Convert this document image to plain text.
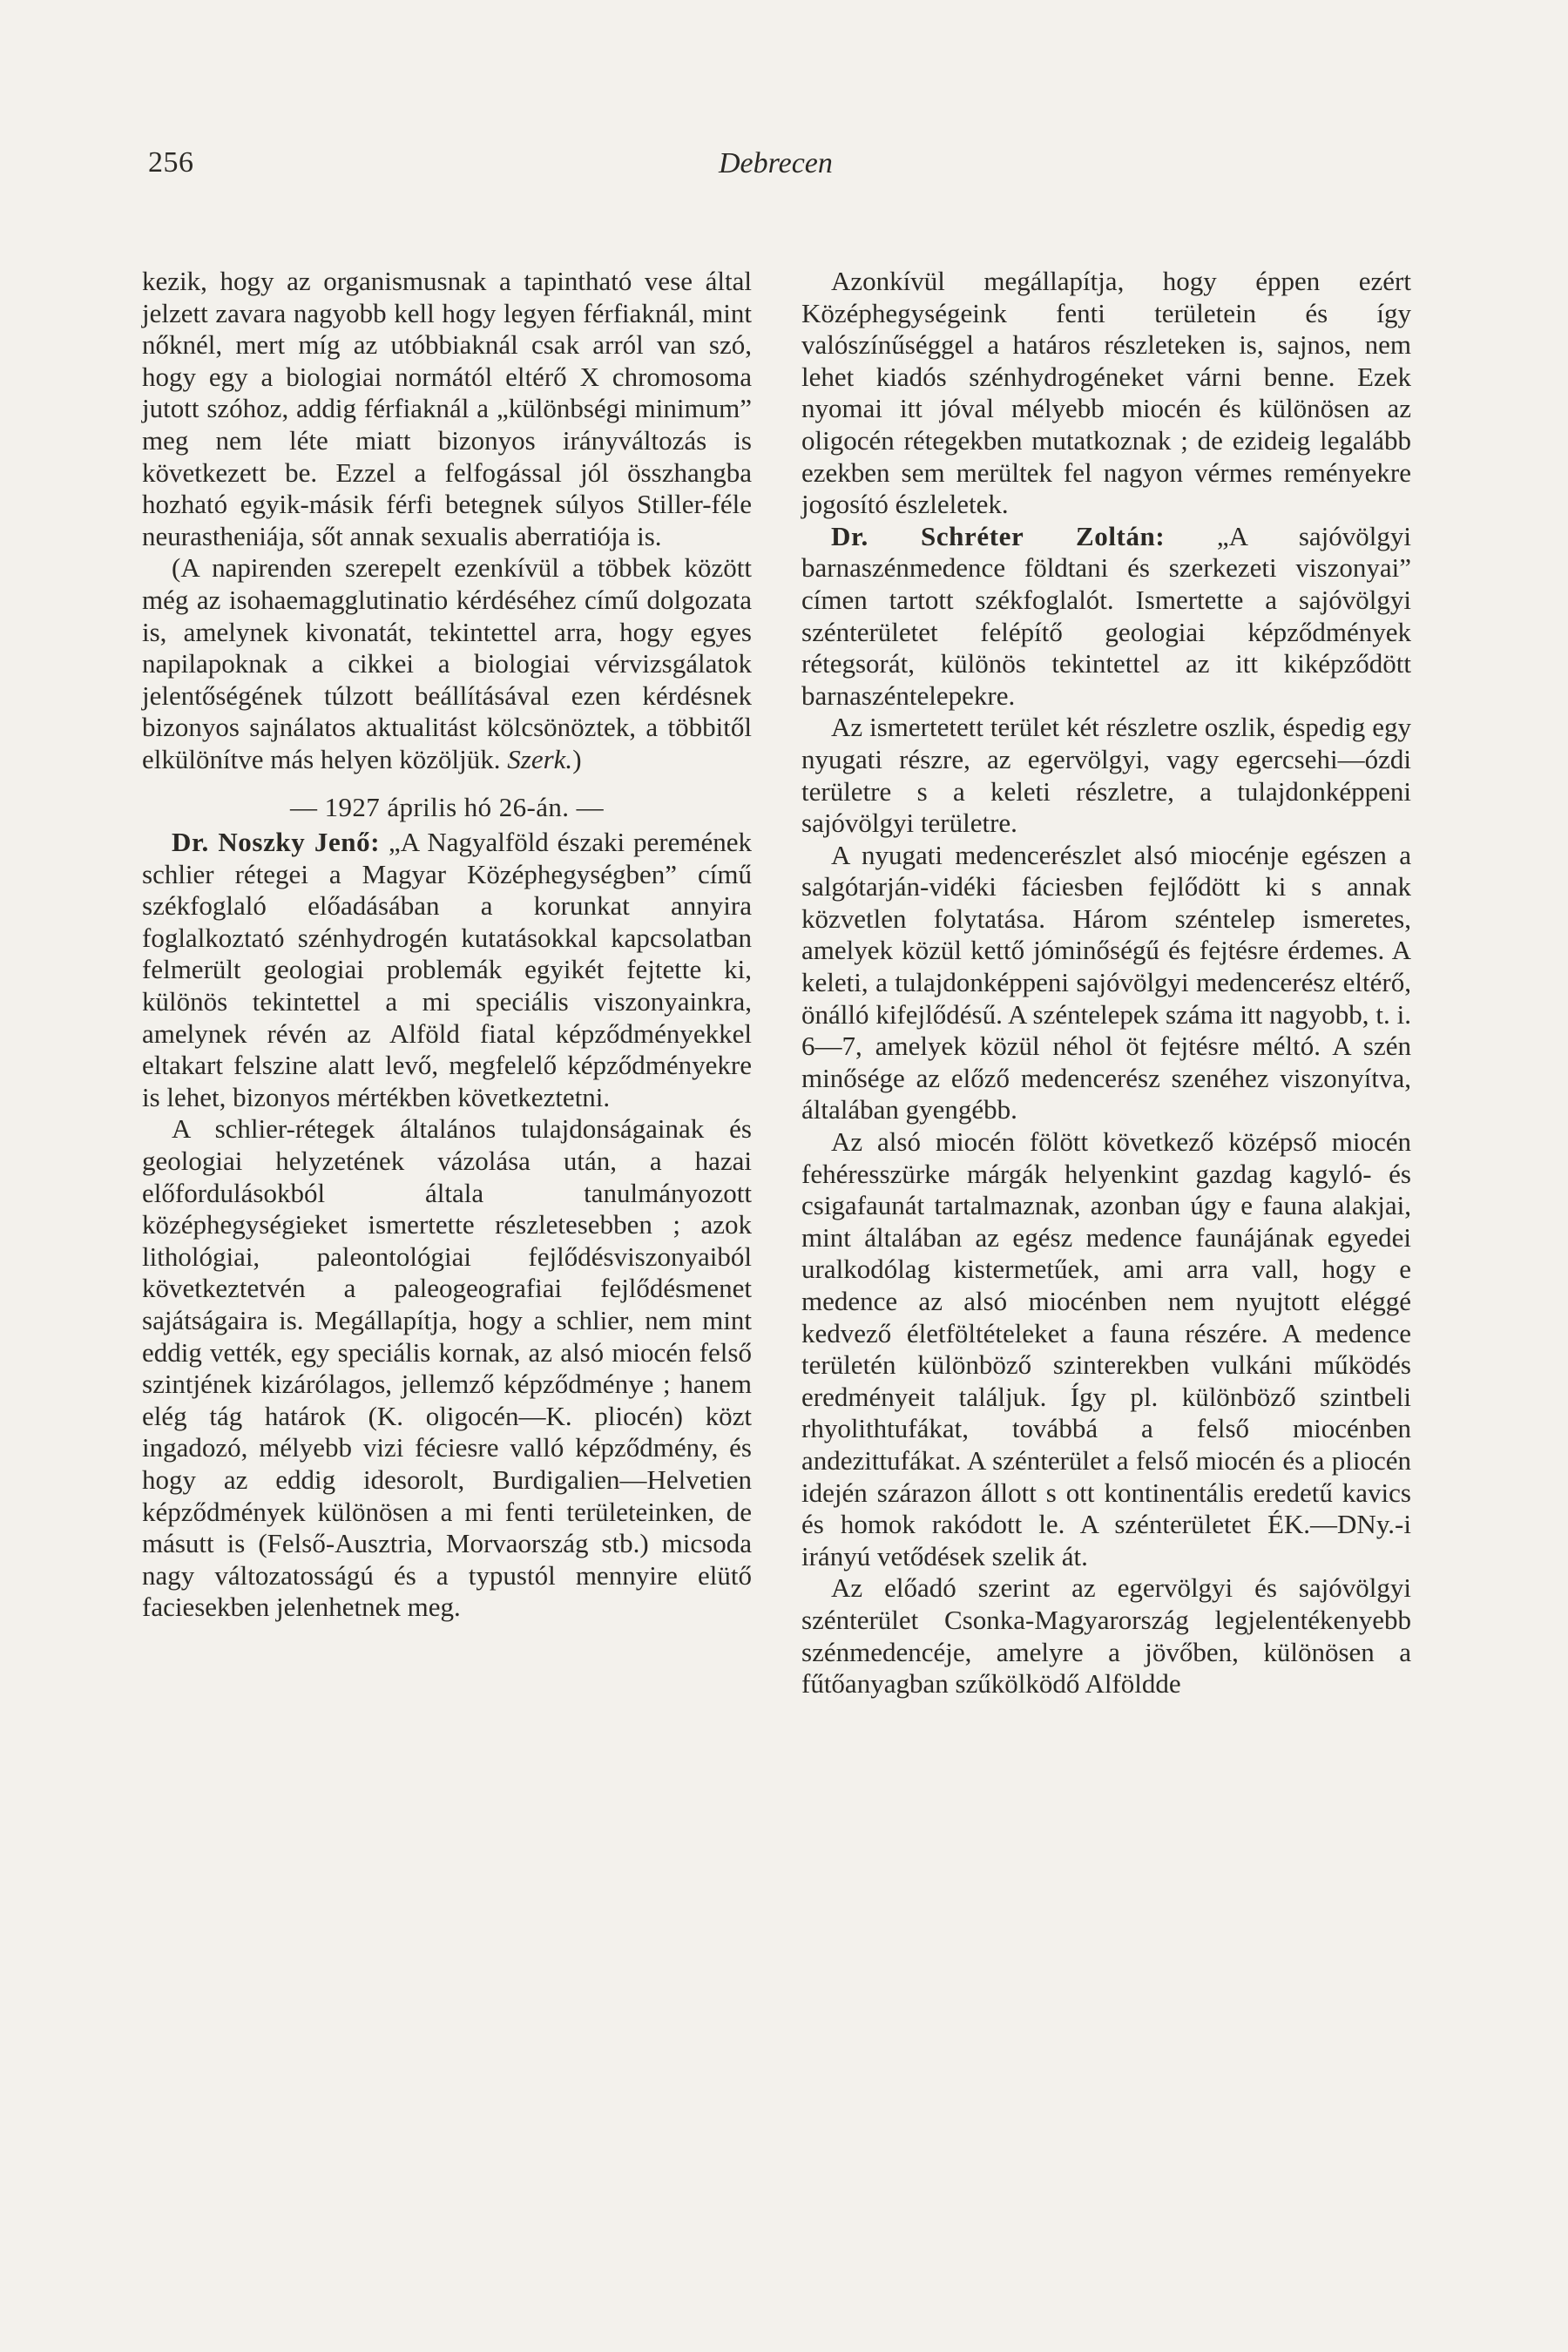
256	Debrecen

kezik, hogy az organismusnak a tapintható vese által jelzett zavara nagyobb kell hogy legyen férfiaknál, mint nőknél, mert míg az utóbbiaknál csak arról van szó, hogy egy a biologiai normától eltérő X chromosoma jutott szóhoz, addig férfiaknál a „különbségi minimum” meg nem léte miatt bizonyos irányváltozás is következett be. Ezzel a felfogással jól összhangba hozható egyik-másik férfi betegnek súlyos Stiller-féle neurastheniája, sőt annak sexualis aberratiója is.

(A napirenden szerepelt ezenkívül a többek között még az isohaemagglutinatio kérdéséhez című dolgozata is, amelynek kivonatát, tekintettel arra, hogy egyes napilapoknak a cikkei a biologiai vérvizsgálatok jelentőségének túlzott beállításával ezen kérdésnek bizonyos sajnálatos aktualitást kölcsönöztek, a többitől elkülönítve más helyen közöljük. Szerk.)

— 1927 április hó 26-án. —

Dr. Noszky Jenő: „A Nagyalföld északi peremének schlier rétegei a Magyar Középhegységben” című székfoglaló előadásában a korunkat annyira foglalkoztató szénhydrogén kutatásokkal kapcsolatban felmerült geologiai problemák egyikét fejtette ki, különös tekintettel a mi speciális viszonyainkra, amelynek révén az Alföld fiatal képződményekkel eltakart felszine alatt levő, megfelelő képződményekre is lehet, bizonyos mértékben következtetni.

A schlier-rétegek általános tulajdonságainak és geologiai helyzetének vázolása után, a hazai előfordulásokból általa tanulmányozott középhegységieket ismertette részletesebben ; azok lithológiai, paleontológiai fejlődésviszonyaiból következtetvén a paleogeografiai fejlődésmenet sajátságaira is. Megállapítja, hogy a schlier, nem mint eddig vették, egy speciális kornak, az alsó miocén felső szintjének kizárólagos, jellemző képződménye ; hanem elég tág határok (K. oligocén—K. pliocén) közt ingadozó, mélyebb vizi féciesre valló képződmény, és hogy az eddig idesorolt, Burdigalien—Helvetien képződmények különösen a mi fenti területeinken, de másutt is (Felső-Ausztria, Morvaország stb.) micsoda nagy változatosságú és a typustól mennyire elütő faciesekben jelenhetnek meg.

Azonkívül megállapítja, hogy éppen ezért Középhegységeink fenti területein és így valószínűséggel a határos részleteken is, sajnos, nem lehet kiadós szénhydrogéneket várni benne. Ezek nyomai itt jóval mélyebb miocén és különösen az oligocén rétegekben mutatkoznak ; de ezideig legalább ezekben sem merültek fel nagyon vérmes reményekre jogosító észleletek.

Dr. Schréter Zoltán: „A sajóvölgyi barnaszénmedence földtani és szerkezeti viszonyai” címen tartott székfoglalót. Ismertette a sajóvölgyi szénterületet felépítő geologiai képződmények rétegsorát, különös tekintettel az itt kiképződött barnaszéntelepekre.

Az ismertetett terület két részletre oszlik, éspedig egy nyugati részre, az egervölgyi, vagy egercsehi—ózdi területre s a keleti részletre, a tulajdonképpeni sajóvölgyi területre.

A nyugati medencerészlet alsó miocénje egészen a salgótarján-vidéki fáciesben fejlődött ki s annak közvetlen folytatása. Három széntelep ismeretes, amelyek közül kettő jóminőségű és fejtésre érdemes. A keleti, a tulajdonképpeni sajóvölgyi medencerész eltérő, önálló kifejlődésű. A széntelepek száma itt nagyobb, t. i. 6—7, amelyek közül néhol öt fejtésre méltó. A szén minősége az előző medencerész szenéhez viszonyítva, általában gyengébb.

Az alsó miocén fölött következő középső miocén fehéresszürke márgák helyenkint gazdag kagyló- és csigafaunát tartalmaznak, azonban úgy e fauna alakjai, mint általában az egész medence faunájának egyedei uralkodólag kistermetűek, ami arra vall, hogy e medence az alsó miocénben nem nyujtott eléggé kedvező életföltételeket a fauna részére. A medence területén különböző szinterekben vulkáni működés eredményeit találjuk. Így pl. különböző szintbeli rhyolithtufákat, továbbá a felső miocénben andezittufákat. A szénterület a felső miocén és a pliocén idején szárazon állott s ott kontinentális eredetű kavics és homok rakódott le. A szénterületet ÉK.—DNy.-i irányú vetődések szelik át.

Az előadó szerint az egervölgyi és sajóvölgyi szénterület Csonka-Magyarország legjelentékenyebb szénmedencéje, amelyre a jövőben, különösen a fűtőanyagban szűkölködő Alföldde
